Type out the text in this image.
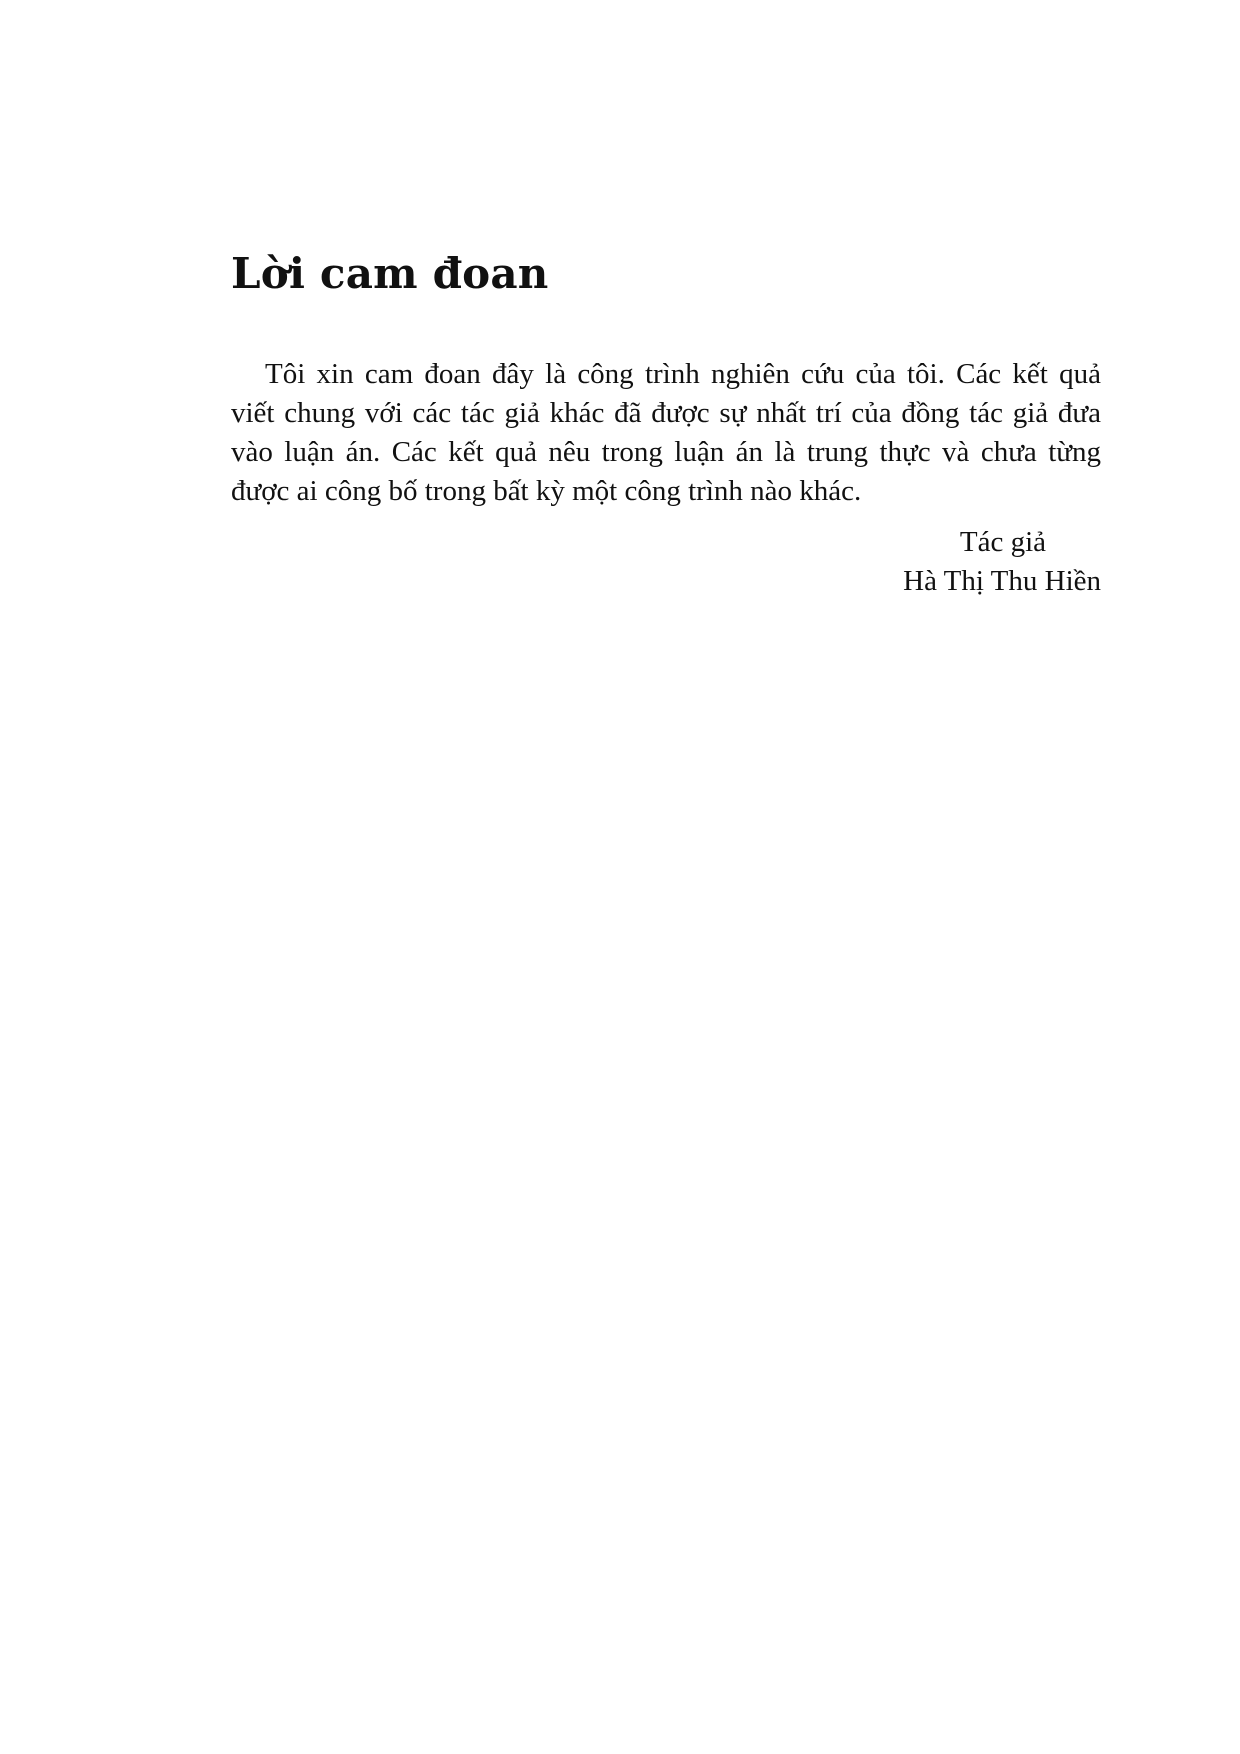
Lời cam đoan
Tôi xin cam đoan đây là công trình nghiên cứu của tôi. Các kết quả
viết chung với các tác giả khác đã được sự nhất trí của đồng tác giả đưa
vào luận án. Các kết quả nêu trong luận án là trung thực và chưa từng
được ai công bố trong bất kỳ một công trình nào khác.
Tác giả
Hà Thị Thu Hiền
